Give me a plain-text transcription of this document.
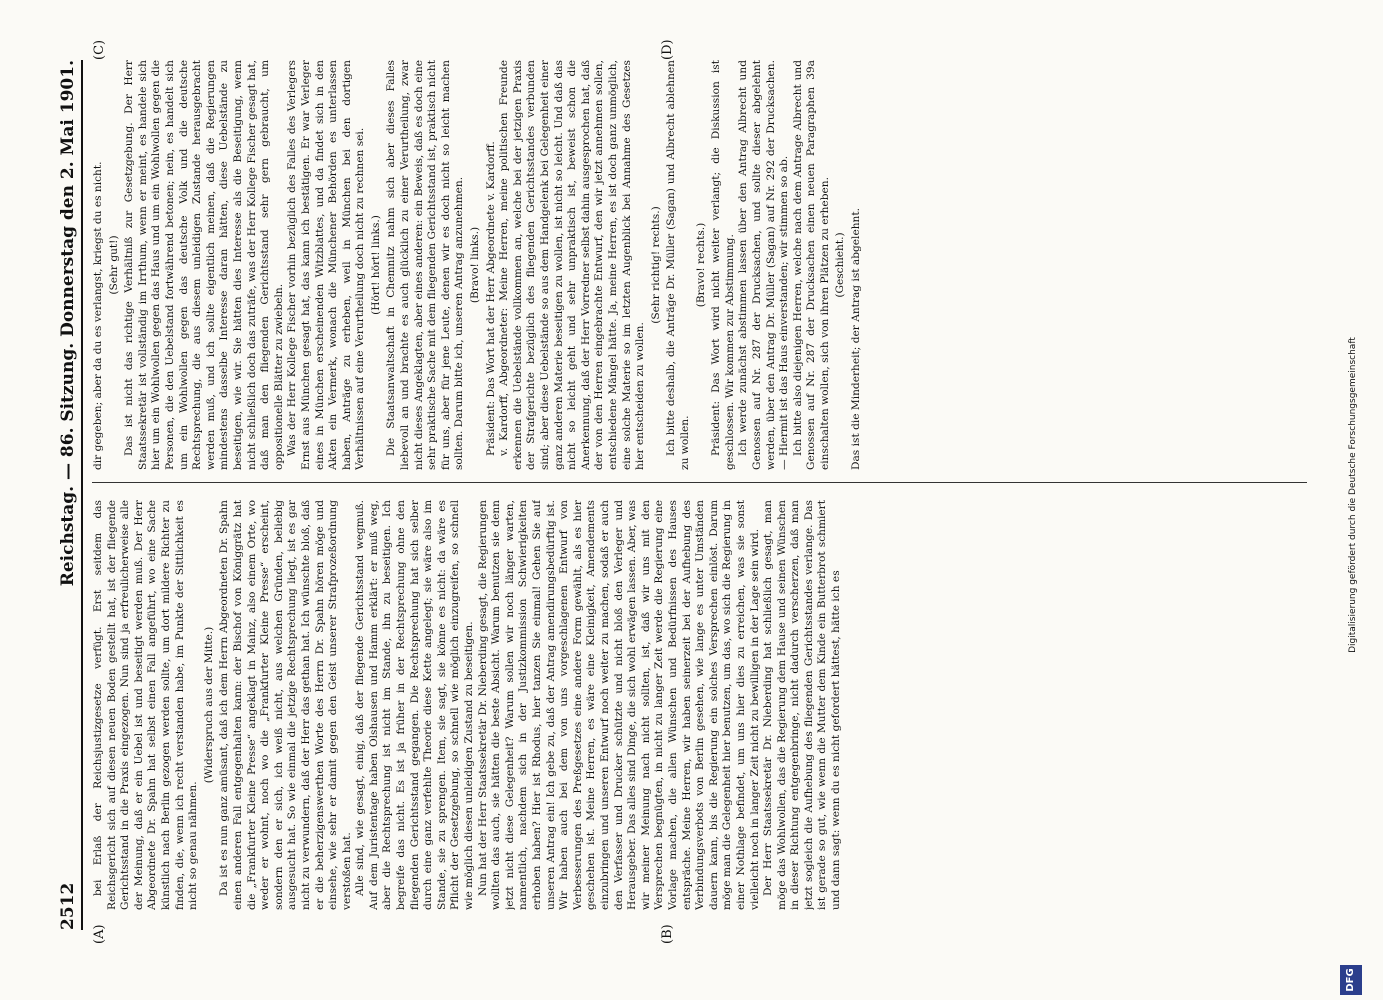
2512
Reichstag. — 86. Sitzung. Donnerstag den 2. Mai 1901.
(A)	(B)
(C)	(D)

bei Erlaß der Reichsjustizgesetze verfügt. Erst seitdem das Reichsgericht sich auf diesen neuen Boden gestellt hat, ist der fliegende Gerichtsstand in die Praxis eingezogen. Nun sind ja erfreulicherweise alle der Meinung, daß er ein Uebel ist und beseitigt werden muß. Der Herr Abgeordnete Dr. Spahn hat selbst einen Fall angeführt, wo eine Sache künstlich nach Berlin gezogen werden sollte, um dort mildere Richter zu finden, die, wenn ich recht verstanden habe, im Punkte der Sittlichkeit es nicht so genau nähmen.

(Widerspruch aus der Mitte.) Da ist es nun ganz amüsant, daß ich dem Herrn Abgeordneten Dr. Spahn einen anderen Fall entgegenhalten kann: der Bischof von Königgrätz hat die „Frankfurter Kleine Presse“ angeklagt in Mainz, also einem Orte, wo weder er wohnt, noch wo die „Frankfurter Kleine Presse“ erscheint, sondern den er sich, ich weiß nicht, aus welchen Gründen, beliebig ausgesucht hat. So wie einmal die jetzige Rechtsprechung liegt, ist es gar nicht zu verwundern, daß der Herr das gethan hat. Ich wünschte bloß, daß er die beherzigenswerthen Worte des Herrn Dr. Spahn hören möge und einsehe, wie sehr er damit gegen den Geist unserer Strafprozeßordnung verstoßen hat. Alle sind, wie gesagt, einig, daß der fliegende Gerichtsstand wegmuß. Auf dem Juristentage haben Olshausen und Hamm erklärt: er muß weg, aber die Rechtsprechung ist nicht im Stande, ihn zu beseitigen. Ich begreife das nicht. Es ist ja früher in der Rechtsprechung ohne den fliegenden Gerichtsstand gegangen. Die Rechtsprechung hat sich selber durch eine ganz verfehlte Theorie diese Kette angelegt; sie wäre also im Stande, sie zu sprengen. Item, sie sagt, sie könne es nicht: da wäre es Pflicht der Gesetzgebung, so schnell wie möglich einzugreifen, so schnell wie möglich diesen unleidigen Zustand zu beseitigen. Nun hat der Herr Staatssekretär Dr. Nieberding gesagt, die Regierungen wollten das auch, sie hätten die beste Absicht. Warum benutzen sie denn jetzt nicht diese Gelegenheit? Warum sollen wir noch länger warten, namentlich, nachdem sich in der Justizkommission Schwierigkeiten erhoben haben? Hier ist Rhodus, hier tanzen Sie einmal! Gehen Sie auf unseren Antrag ein! Ich gebe zu, daß der Antrag amendirungsbedürftig ist. Wir haben auch bei dem von uns vorgeschlagenen Entwurf von Verbesserungen des Preßgesetzes eine andere Form gewählt, als es hier geschehen ist. Meine Herren, es wäre eine Kleinigkeit, Amendements einzubringen und unseren Entwurf noch weiter zu machen, sodaß er auch den Verfasser und Drucker schützte und nicht bloß den Verleger und Herausgeber. Das alles sind Dinge, die sich wohl erwägen lassen. Aber, was wir meiner Meinung nach nicht sollten, ist, daß wir uns mit den Versprechen begnügten, in nicht zu langer Zeit werde die Regierung eine Vorlage machen, die allen Wünschen und Bedürfnissen des Hauses entspräche. Meine Herren, wir haben seinerzeit bei der Aufhebung des Verbindungsverbots von Berlin gesehen, wie lange es unter Umständen dauern kann, bis die Regierung ein solches Versprechen einlöst. Darum möge man die Gelegenheit hier benutzen, um das, wo sich die Regierung in einer Nothlage befindet, um uns hier dies zu erreichen, was sie sonst vielleicht noch in langer Zeit nicht zu bewilligen in der Lage sein wird. Der Herr Staatssekretär Dr. Nieberding hat schließlich gesagt, man möge das Wohlwollen, das die Regierung dem Hause und seinen Wünschen in dieser Richtung entgegenbringe, nicht dadurch verscherzen, daß man jetzt sogleich die Aufhebung des fliegenden Gerichtsstandes verlange. Das ist gerade so gut, wie wenn die Mutter dem Kinde ein Butterbrot schmiert und dann sagt: wenn du es nicht gefordert hättest, hätte ich es

dir gegeben; aber da du es verlangst, kriegst du es nicht. (Sehr gut!) Das ist nicht das richtige Verhältniß zur Gesetzgebung. Der Herr Staatssekretär ist vollständig im Irrthum, wenn er meint, es handele sich hier um ein Wohlwollen gegen das Haus und um ein Wohlwollen gegen die Personen, die den Uebelstand fortwährend betonen; nein, es handelt sich um ein Wohlwollen gegen das deutsche Volk und die deutsche Rechtsprechung, die aus diesem unleidigen Zustande herausgebracht werden muß, und ich sollte eigentlich meinen, daß die Regierungen mindestens dasselbe Interesse daran hätten, diese Uebelstände zu beseitigen, wie wir. Sie hätten dies Interesse als die Beseitigung, wenn nicht schließlich doch das zuträfe, was der Herr Kollege Fischer gesagt hat, daß man den fliegenden Gerichtsstand sehr gern gebraucht, um oppositionelle Blätter zu zwiebeln. Was der Herr Kollege Fischer vorhin bezüglich des Falles des Verlegers Ernst aus München gesagt hat, das kann ich bestätigen. Er war Verleger eines in München erscheinenden Witzblattes, und da findet sich in den Akten ein Vermerk, wonach die Münchener Behörden es unterlassen haben, Anträge zu erheben, weil in München bei den dortigen Verhältnissen auf eine Verurtheilung doch nicht zu rechnen sei. (Hört! hört! links.) Die Staatsanwaltschaft in Chemnitz nahm sich aber dieses Falles liebevoll an und brachte es auch glücklich zu einer Verurtheilung, zwar nicht dieses Angeklagten, aber eines anderen: ein Beweis, daß es doch eine sehr praktische Sache mit dem fliegenden Gerichtsstand ist, praktisch nicht für uns, aber für jene Leute, denen wir es doch nicht so leicht machen sollten. Darum bitte ich, unseren Antrag anzunehmen. (Bravo! links.) Präsident: Das Wort hat der Herr Abgeordnete v. Kardorff. v. Kardorff, Abgeordneter: Meine Herren, meine politischen Freunde erkennen die Uebelstände vollkommen an, welche bei der jetzigen Praxis der Strafgerichte bezüglich des fliegenden Gerichtsstandes verbunden sind; aber diese Uebelstände so aus dem Handgelenk bei Gelegenheit einer ganz anderen Materie beseitigen zu wollen, ist nicht so leicht. Und daß das nicht so leicht geht und sehr unpraktisch ist, beweist schon die Anerkennung, daß der Herr Vorredner selbst dahin ausgesprochen hat, daß der von den Herren eingebrachte Entwurf, den wir jetzt annehmen sollen, entschiedene Mängel hätte. Ja, meine Herren, es ist doch ganz unmöglich, eine solche Materie so im letzten Augenblick bei Annahme des Gesetzes hier entscheiden zu wollen.

(Sehr richtig! rechts.) Ich bitte deshalb, die Anträge Dr. Müller (Sagan) und Albrecht ablehnen zu wollen.

(Bravo! rechts.) Präsident: Das Wort wird nicht weiter verlangt; die Diskussion ist geschlossen. Wir kommen zur Abstimmung. Ich werde zunächst abstimmen lassen über den Antrag Albrecht und Genossen auf Nr. 287 der Drucksachen, und sollte dieser abgelehnt werden, über den Antrag Dr. Müller (Sagan) auf Nr. 292 der Drucksachen. — Hiermit ist das Haus einverstanden; wir stimmen so ab. Ich bitte also diejenigen Herren, welche nach dem Antrage Albrecht und Genossen auf Nr. 287 der Drucksachen einen neuen Paragraphen 39a einschalten wollen, sich von ihren Plätzen zu erheben. (Geschieht.) Das ist die Minderheit; der Antrag ist abgelehnt.

DFG
Digitalisierung gefördert durch die Deutsche Forschungsgemeinschaft
